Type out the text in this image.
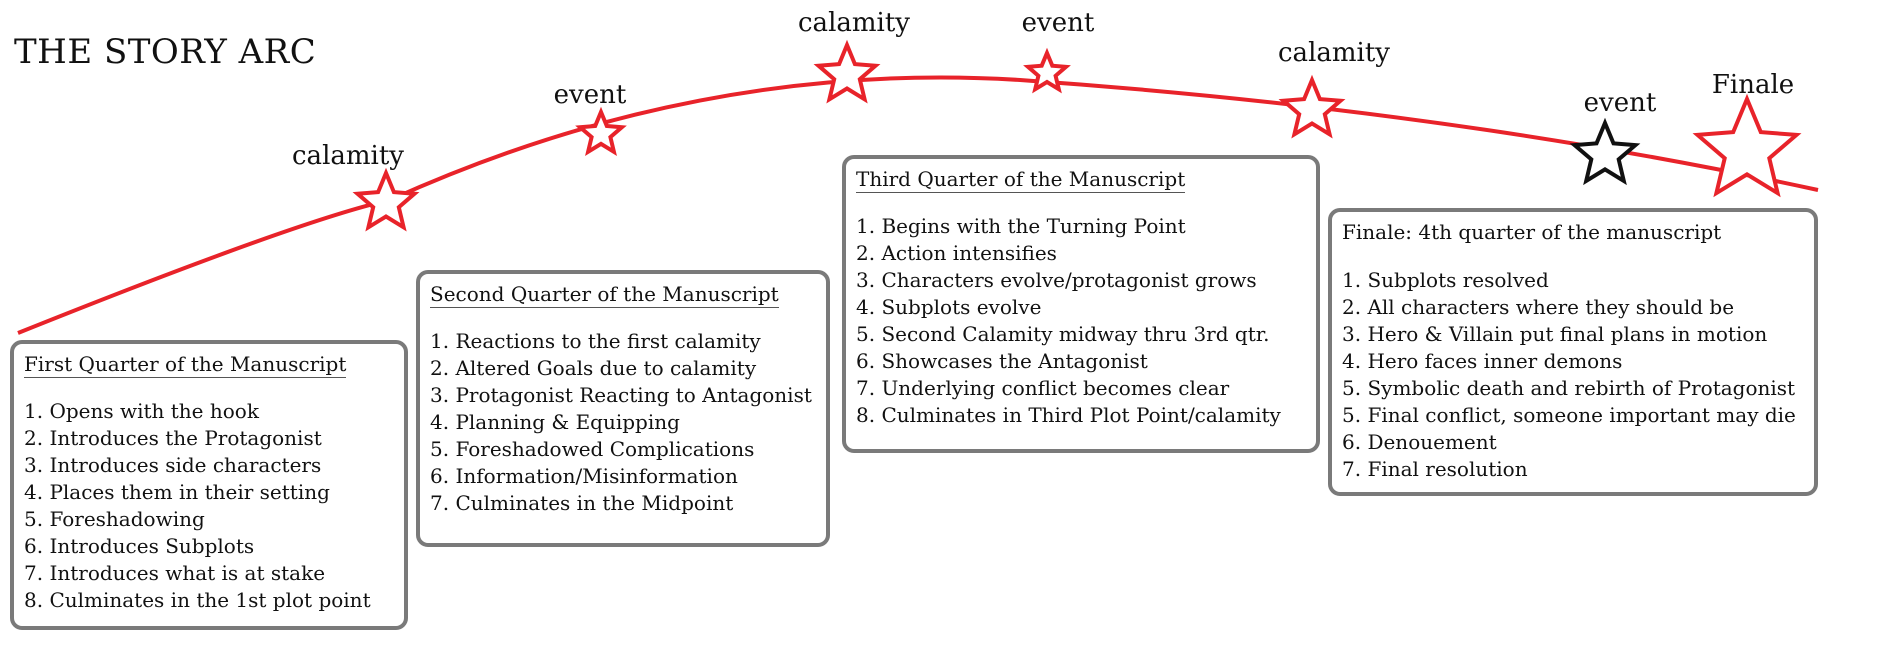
THE STORY ARC
calamity
event
calamity	event
calamity
event
Finale
First Quarter of the Manuscript
1. Opens with the hook
2. Introduces the Protagonist
3. Introduces side characters
4. Places them in their setting
5. Foreshadowing
6. Introduces Subplots
7. Introduces what is at stake
8. Culminates in the 1st plot point
Second Quarter of the Manuscript
1. Reactions to the first calamity
2. Altered Goals due to calamity
3. Protagonist Reacting to Antagonist
4. Planning & Equipping
5. Foreshadowed Complications
6. Information/Misinformation
7. Culminates in the Midpoint
Third Quarter of the Manuscript
1. Begins with the Turning Point
2. Action intensifies
3. Characters evolve/protagonist grows
4. Subplots evolve
5. Second Calamity midway thru 3rd qtr.
6. Showcases the Antagonist
7. Underlying conflict becomes clear
8. Culminates in Third Plot Point/calamity
Finale: 4th quarter of the manuscript
1. Subplots resolved
2. All characters where they should be
3. Hero & Villain put final plans in motion
4. Hero faces inner demons
5. Symbolic death and rebirth of Protagonist
5. Final conflict, someone important may die
6. Denouement
7. Final resolution
